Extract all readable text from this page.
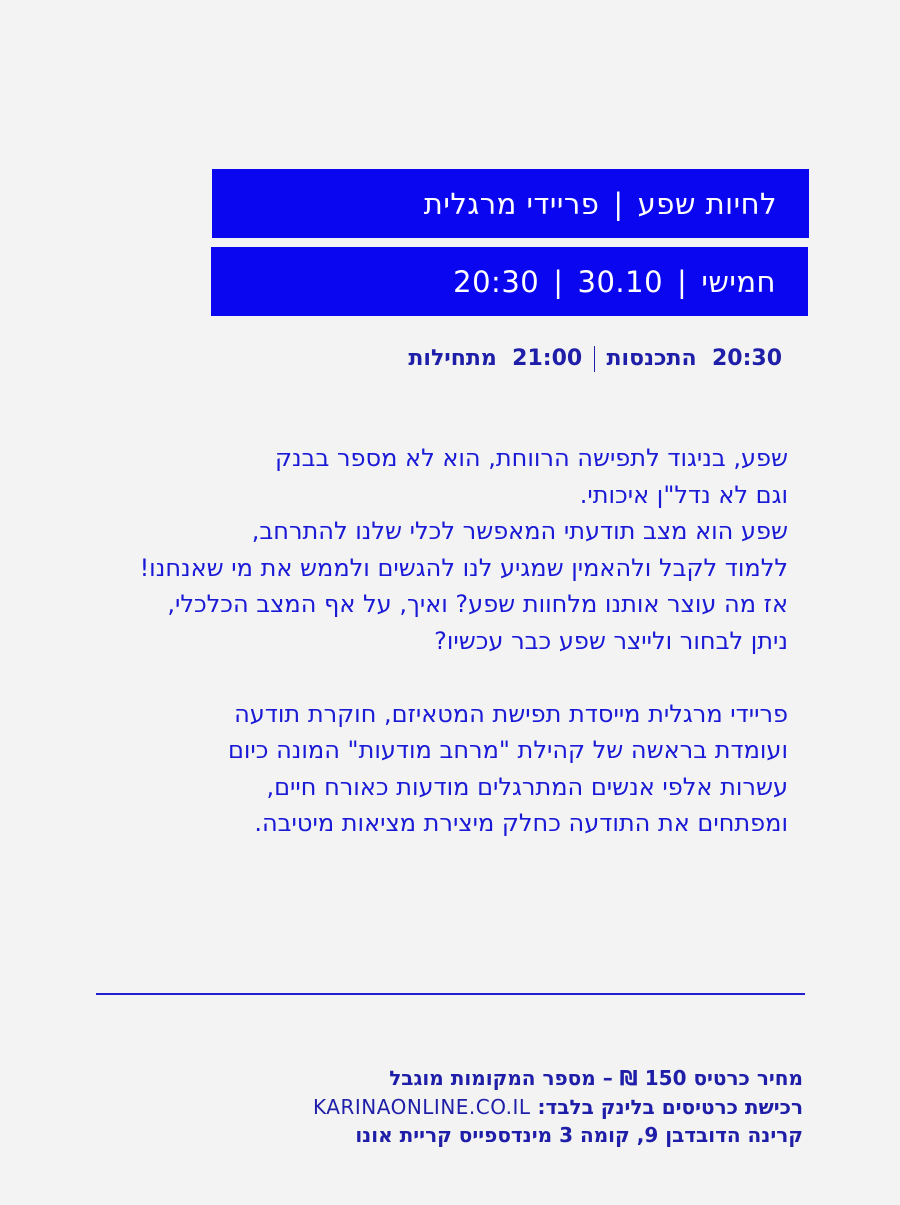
לחיות שפע
|
פריידי מרגלית
חמישי
|
30.10
|
20:30
20:30  התכנסות  21:00  מתחילות

שפע, בניגוד לתפישה הרווחת, הוא לא מספר בבנק

וגם לא נדל"ן איכותי.

שפע הוא מצב תודעתי המאפשר לכלי שלנו להתרחב,

ללמוד לקבל ולהאמין שמגיע לנו להגשים ולממש את מי שאנחנו!

אז מה עוצר אותנו מלחוות שפע? ואיך, על אף המצב הכלכלי,

ניתן לבחור ולייצר שפע כבר עכשיו?

פריידי מרגלית מייסדת תפישת המטאיזם, חוקרת תודעה

ועומדת בראשה של קהילת "מרחב מודעות" המונה כיום

עשרות אלפי אנשים המתרגלים מודעות כאורח חיים,

ומפתחים את התודעה כחלק מיצירת מציאות מיטיבה.

מחיר כרטיס 150 ₪ – מספר המקומות מוגבל

רכישת כרטיסים בלינק בלבד: KARINAONLINE.CO.IL

קרינה הדובדבן 9, קומה 3 מינדספייס קריית אונו
